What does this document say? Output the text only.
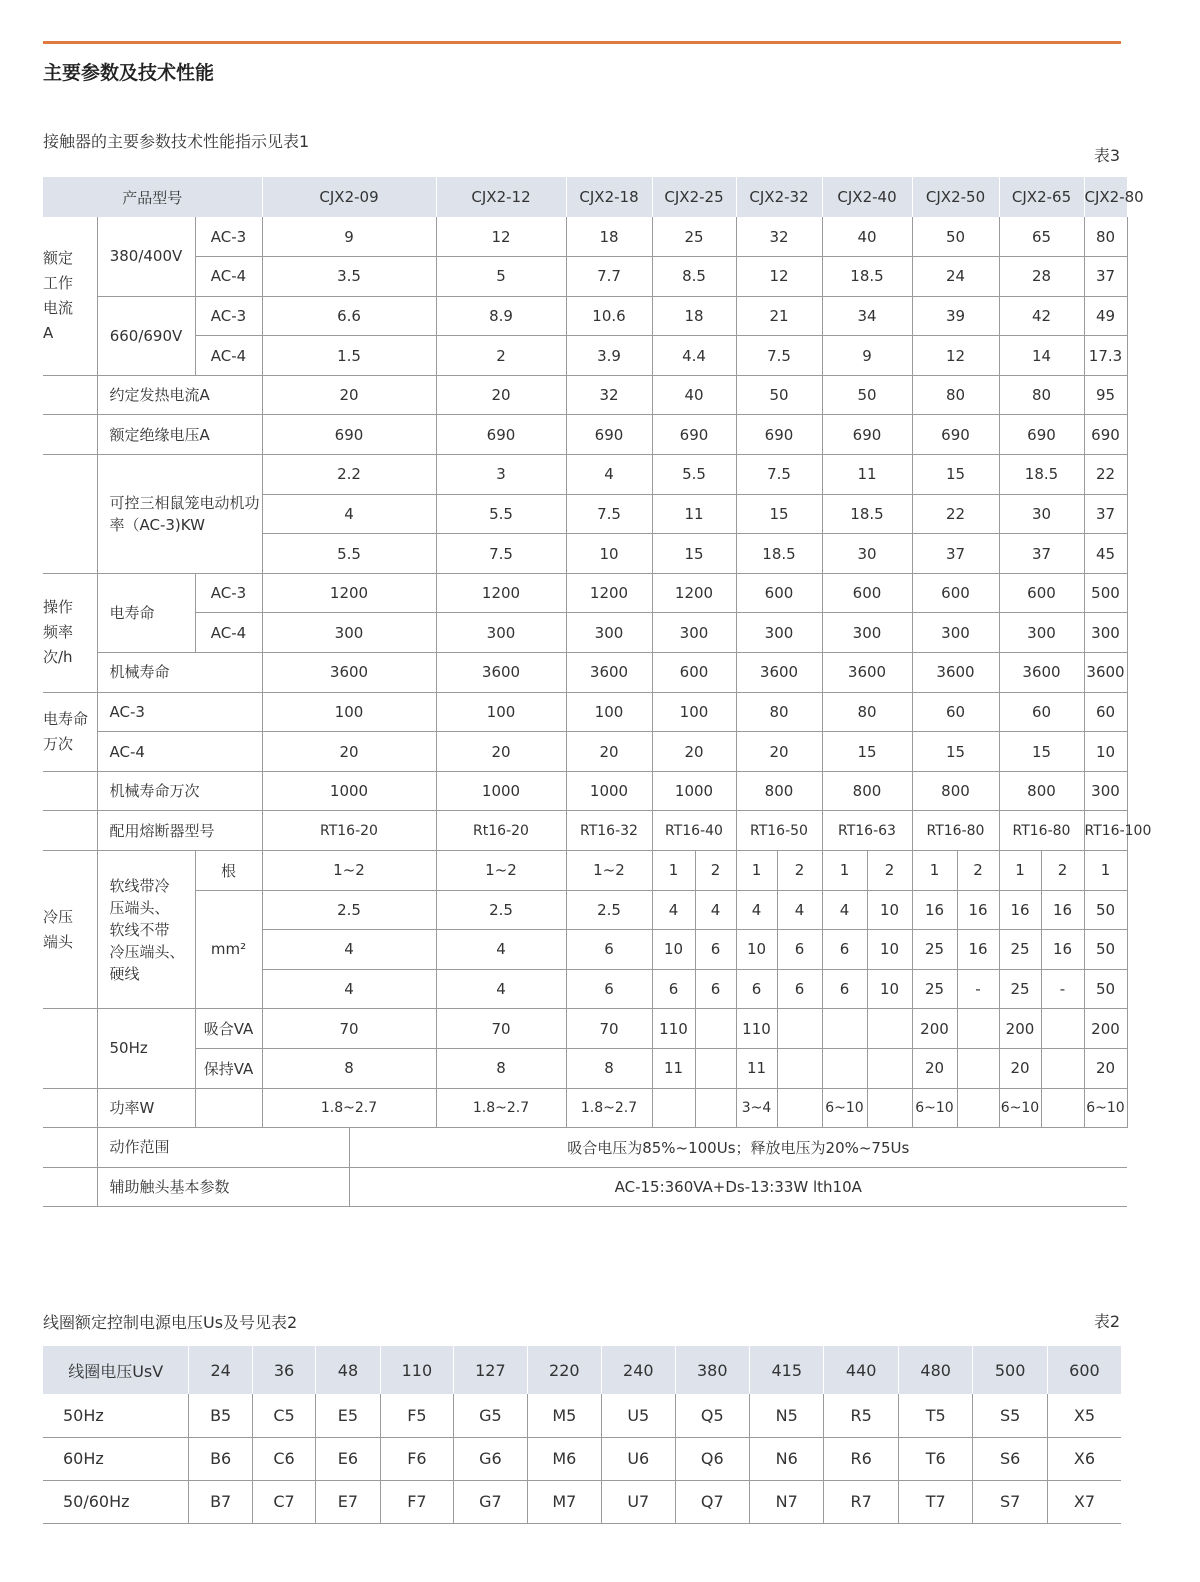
主要参数及技术性能
接触器的主要参数技术性能指示见表1
表3
产品型号			CJX2-09		CJX2-12	CJX2-18	CJX2-25		CJX2-32		CJX2-40		CJX2-50		CJX2-65		CJX2-80	
额定
工作
电流
A	380/400V	AC-3	9		12	18	25		32		40		50		65		80	
		AC-4	3.5		5	7.7	8.5		12		18.5		24		28		37	
	660/690V	AC-3	6.6		8.9	10.6	18		21		34		39		42		49	
		AC-4	1.5		2	3.9	4.4		7.5		9		12		14		17.3	
	约定发热电流A		20		20	32	40		50		50		80		80		95	
	额定绝缘电压A		690		690	690	690		690		690		690		690		690	
	可控三相鼠笼电动机功率（AC-3)KW		2.2		3	4	5.5		7.5		11		15		18.5		22	
			4		5.5	7.5	11		15		18.5		22		30		37	
			5.5		7.5	10	15		18.5		30		37		37		45	
操作
频率
次/h	电寿命	AC-3	1200		1200	1200	1200		600		600		600		600		500	
		AC-4	300		300	300	300		300		300		300		300		300	
	机械寿命		3600		3600	3600	600		3600		3600		3600		3600		3600	
电寿命
万次	AC-3		100		100	100	100		80		80		60		60		60	
	AC-4		20		20	20	20		20		15		15		15		10	
	机械寿命万次		1000		1000	1000	1000		800		800		800		800		300	
	配用熔断器型号		RT16-20		Rt16-20	RT16-32	RT16-40		RT16-50		RT16-63		RT16-80		RT16-80		RT16-100	
冷压
端头	软线带冷
压端头、
软线不带
冷压端头、
硬线	根	1~2		1~2	1~2	1	2	1	2	1	2	1	2	1	2	1			
		mm²	2.5		2.5	2.5	4	4	4	4	4	10	16	16	16	16	50			
			4		4	6	10	6	10	6	6	10	25	16	25	16	50			
			4		4	6	6	6	6	6	6	10	25	-	25	-	50			
	50Hz	吸合VA	70		70	70	110		110				200		200		200			
		保持VA	8		8	8	11		11				20		20		20			
	功率W		1.8~2.7		1.8~2.7	1.8~2.7			3~4		6~10		6~10		6~10		6~10			
	动作范围			吸合电压为85%~100Us；释放电压为20%~75Us														
	辅助触头基本参数			AC-15:360VA+Ds-13:33W lth10A														
线圈额定控制电源电压Us及号见表2	表2
线圈电压UsV	24	36	48	110	127	220	240	380	415	440	480	500	600
50Hz	B5	C5	E5	F5	G5	M5	U5	Q5	N5	R5	T5	S5	X5
60Hz	B6	C6	E6	F6	G6	M6	U6	Q6	N6	R6	T6	S6	X6
50/60Hz	B7	C7	E7	F7	G7	M7	U7	Q7	N7	R7	T7	S7	X7
